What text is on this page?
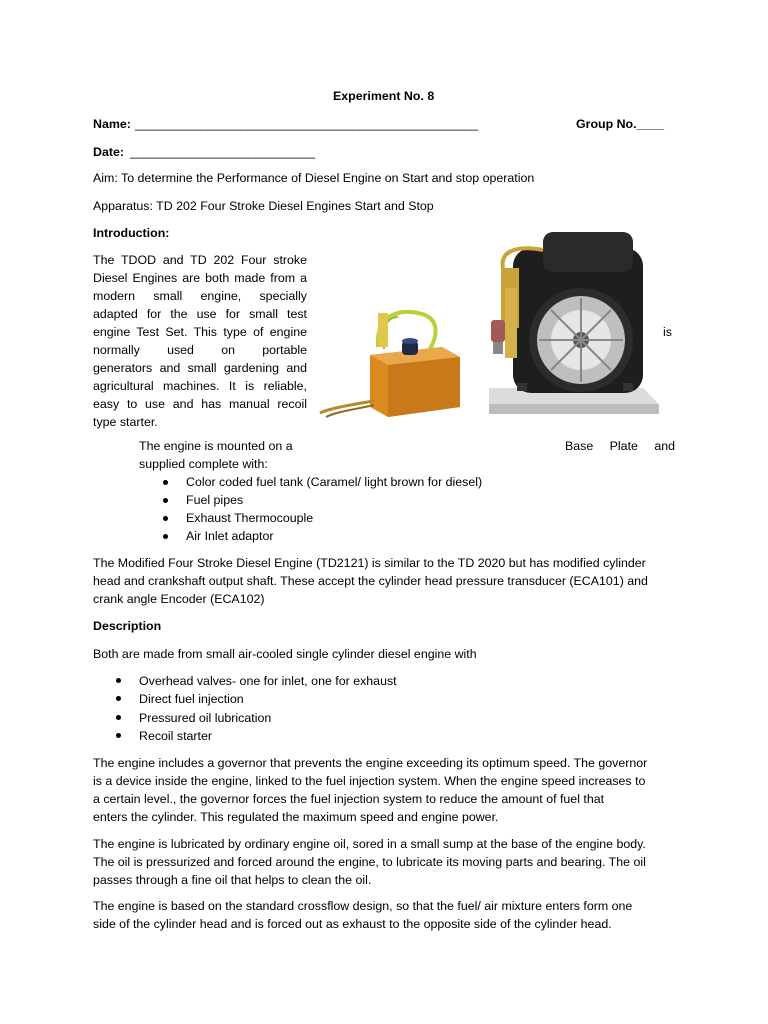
Experiment No. 8
Name: ____________________________________________________	Group No.____
Date: ____________________________
Aim: To determine the Performance of Diesel Engine on Start and stop operation
Apparatus: TD 202 Four Stroke Diesel Engines Start and Stop
Introduction:
The TDOD and TD 202 Four stroke
Diesel Engines are both made from a
modern small engine, specially
adapted for the use for small test
engine Test Set. This type of engine
normally used on portable
generators and small gardening and
agricultural machines. It is reliable,
easy to use and has manual recoil
type starter.
is
The engine is mounted on a	Base Plate and
supplied complete with:
Color coded fuel tank (Caramel/ light brown for diesel)
Fuel pipes
Exhaust Thermocouple
Air Inlet adaptor
The Modified Four Stroke Diesel Engine (TD2121) is similar to the TD 2020 but has modified cylinder
head and crankshaft output shaft. These accept the cylinder head pressure transducer (ECA101) and
crank angle Encoder (ECA102)
Description
Both are made from small air-cooled single cylinder diesel engine with
Overhead valves- one for inlet, one for exhaust
Direct fuel injection
Pressured oil lubrication
Recoil starter
The engine includes a governor that prevents the engine exceeding its optimum speed. The governor
is a device inside the engine, linked to the fuel injection system. When the engine speed increases to
a certain level., the governor forces the fuel injection system to reduce the amount of fuel that
enters the cylinder. This regulated the maximum speed and engine power.
The engine is lubricated by ordinary engine oil, sored in a small sump at the base of the engine body.
The oil is pressurized and forced around the engine, to lubricate its moving parts and bearing. The oil
passes through a fine oil that helps to clean the oil.
The engine is based on the standard crossflow design, so that the fuel/ air mixture enters form one
side of the cylinder head and is forced out as exhaust to the opposite side of the cylinder head.
